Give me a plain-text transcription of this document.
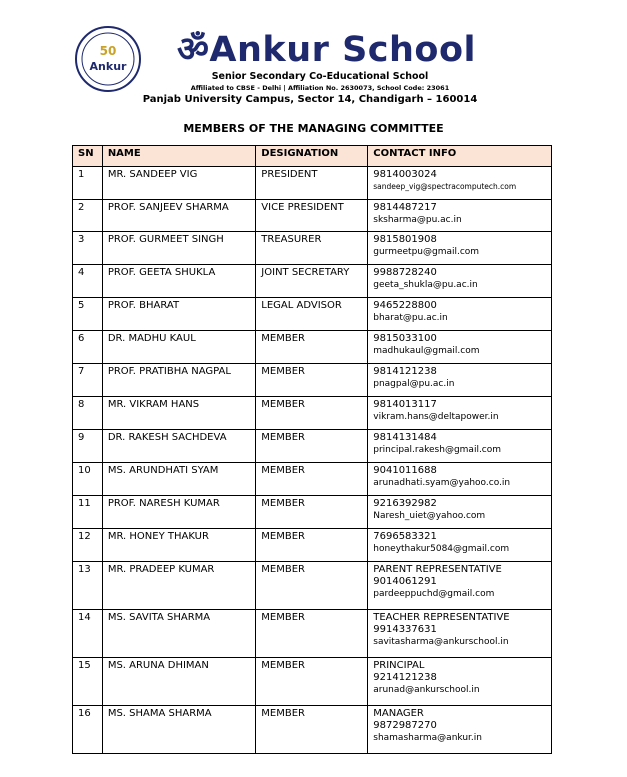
50
Ankur ॐAnkur School
Senior Secondary Co-Educational School
Affiliated to CBSE - Delhi | Affiliation No. 2630073, School Code: 23061
Panjab University Campus, Sector 14, Chandigarh – 160014
MEMBERS OF THE MANAGING COMMITTEE
SN	NAME	DESIGNATION	CONTACT INFO
1	MR. SANDEEP VIG	PRESIDENT	9814003024
sandeep_vig@spectracomputech.com

2	PROF. SANJEEV SHARMA	VICE PRESIDENT	9814487217
sksharma@pu.ac.in

3	PROF. GURMEET SINGH	TREASURER	9815801908
gurmeetpu@gmail.com

4	PROF. GEETA SHUKLA	JOINT SECRETARY	9988728240
geeta_shukla@pu.ac.in

5	PROF. BHARAT	LEGAL ADVISOR	9465228800
bharat@pu.ac.in

6	DR. MADHU KAUL	MEMBER	9815033100
madhukaul@gmail.com

7	PROF. PRATIBHA NAGPAL	MEMBER	9814121238
pnagpal@pu.ac.in

8	MR. VIKRAM HANS	MEMBER	9814013117
vikram.hans@deltapower.in

9	DR. RAKESH SACHDEVA	MEMBER	9814131484
principal.rakesh@gmail.com

10	MS. ARUNDHATI SYAM	MEMBER	9041011688
arunadhati.syam@yahoo.co.in

11	PROF. NARESH KUMAR	MEMBER	9216392982
Naresh_uiet@yahoo.com

12	MR. HONEY THAKUR	MEMBER	7696583321
honeythakur5084@gmail.com

13	MR. PRADEEP KUMAR	MEMBER	PARENT REPRESENTATIVE
9014061291
pardeeppuchd@gmail.com

14	MS. SAVITA SHARMA	MEMBER	TEACHER REPRESENTATIVE
9914337631
savitasharma@ankurschool.in

15	MS. ARUNA DHIMAN	MEMBER	PRINCIPAL
9214121238
arunad@ankurschool.in

16	MS. SHAMA SHARMA	MEMBER	MANAGER
9872987270
shamasharma@ankur.in
